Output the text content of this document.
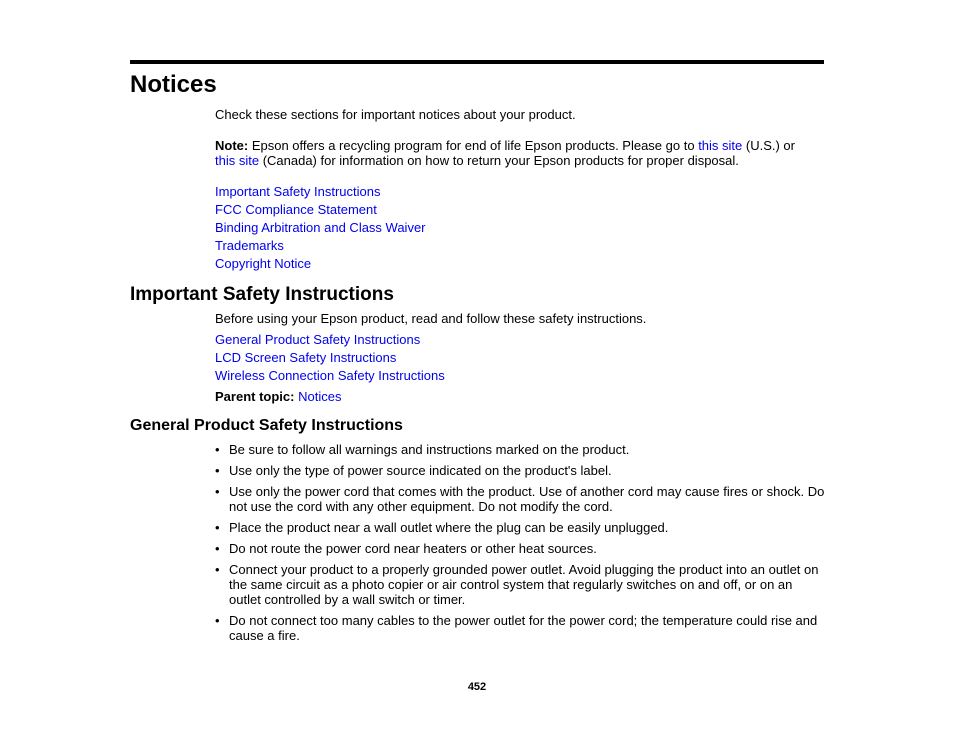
Notices

Check these sections for important notices about your product.

Note: Epson offers a recycling program for end of life Epson products. Please go to this site (U.S.) or
this site (Canada) for information on how to return your Epson products for proper disposal.

Important Safety Instructions
FCC Compliance Statement
Binding Arbitration and Class Waiver
Trademarks
Copyright Notice
Important Safety Instructions

Before using your Epson product, read and follow these safety instructions.

General Product Safety Instructions
LCD Screen Safety Instructions
Wireless Connection Safety Instructions

Parent topic: Notices

General Product Safety Instructions
• Be sure to follow all warnings and instructions marked on the product.
• Use only the type of power source indicated on the product's label.
• Use only the power cord that comes with the product. Use of another cord may cause fires or shock. Do not use the cord with any other equipment. Do not modify the cord.
• Place the product near a wall outlet where the plug can be easily unplugged.
• Do not route the power cord near heaters or other heat sources.
• Connect your product to a properly grounded power outlet. Avoid plugging the product into an outlet on the same circuit as a photo copier or air control system that regularly switches on and off, or on an outlet controlled by a wall switch or timer.
• Do not connect too many cables to the power outlet for the power cord; the temperature could rise and cause a fire.
452
